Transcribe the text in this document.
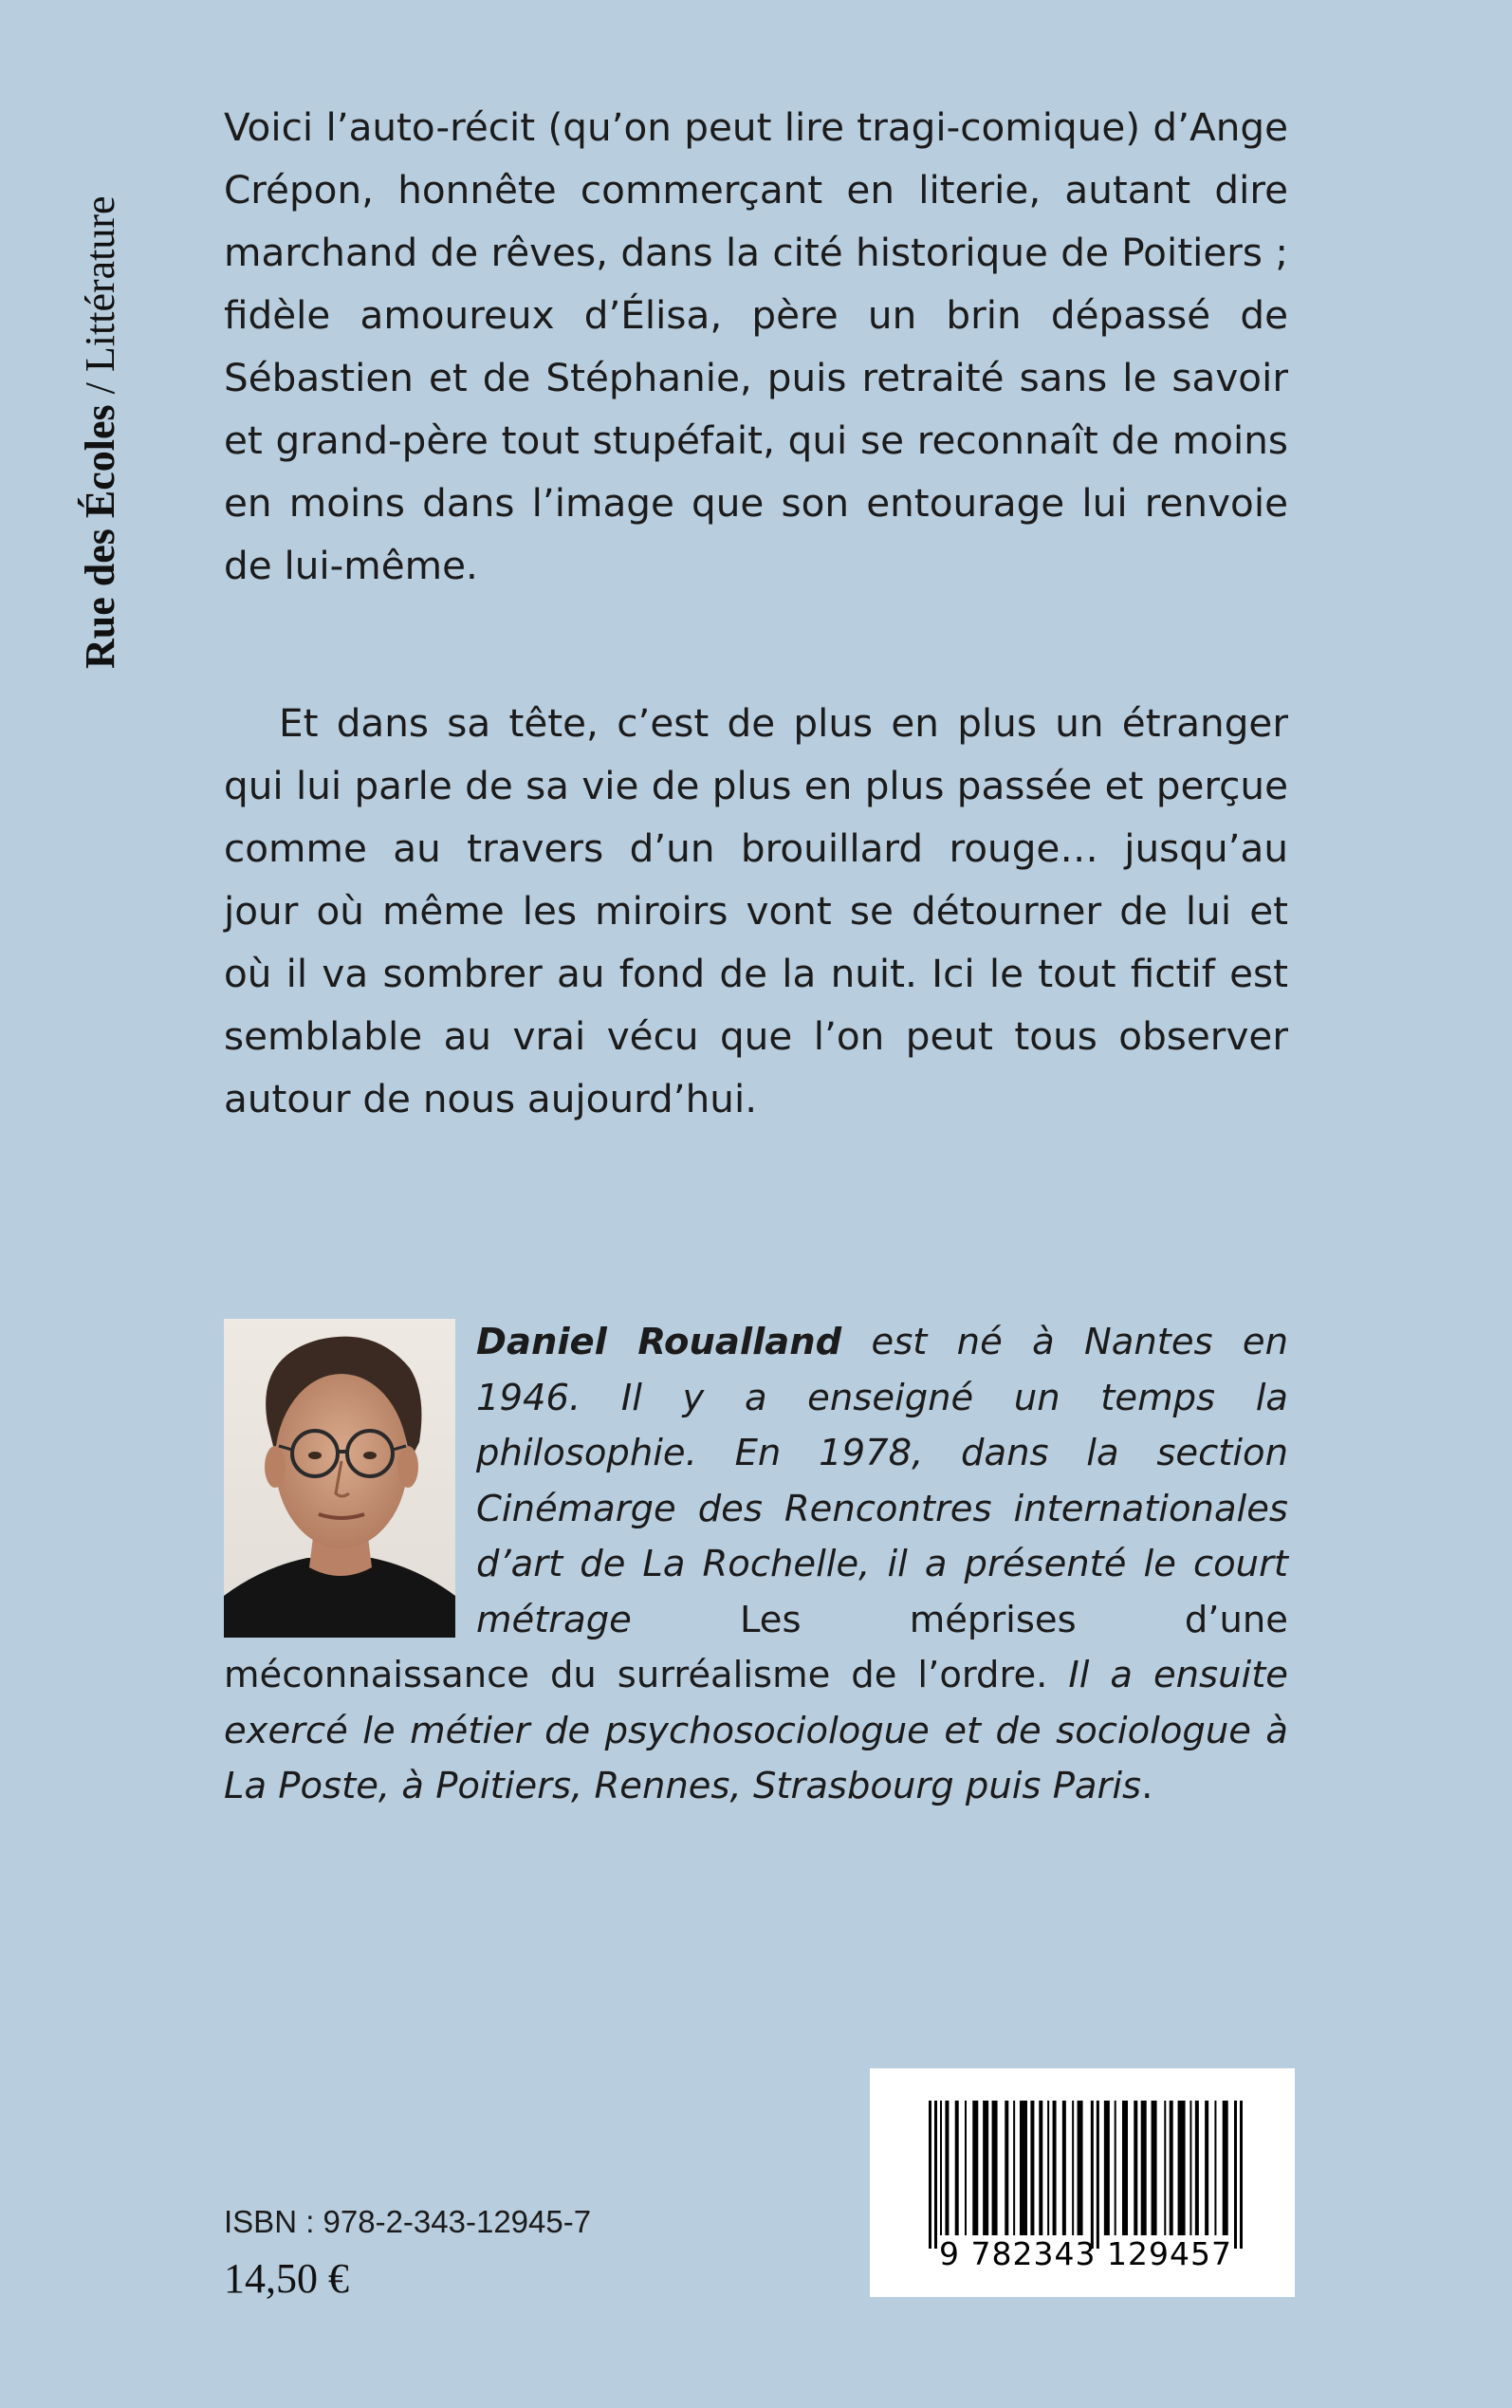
Rue des Écoles / Littérature

Voici l’auto-récit (qu’on peut lire tragi-comique) d’Ange Crépon, honnête commerçant en literie, autant dire marchand de rêves, dans la cité historique de Poitiers ; fidèle amoureux d’Élisa, père un brin dépassé de Sébastien et de Stéphanie, puis retraité sans le savoir et grand-père tout stupéfait, qui se reconnaît de moins en moins dans l’image que son entourage lui renvoie de lui-même.

Et dans sa tête, c’est de plus en plus un étranger qui lui parle de sa vie de plus en plus passée et perçue comme au travers d’un brouillard rouge… jusqu’au jour où même les miroirs vont se détourner de lui et où il va sombrer au fond de la nuit. Ici le tout fictif est semblable au vrai vécu que l’on peut tous observer autour de nous aujourd’hui.

Daniel Roualland est né à Nantes en 1946. Il y a enseigné un temps la philosophie. En 1978, dans la section Cinémarge des Rencontres internationales d’art de La Rochelle, il a présenté le court métrage Les méprises d’une méconnaissance du surréalisme de l’ordre. Il a ensuite exercé le métier de psychosociologue et de sociologue à La Poste, à Poitiers, Rennes, Strasbourg puis Paris.
ISBN : 978-2-343-12945-7
14,50 €
9 782343 129457
